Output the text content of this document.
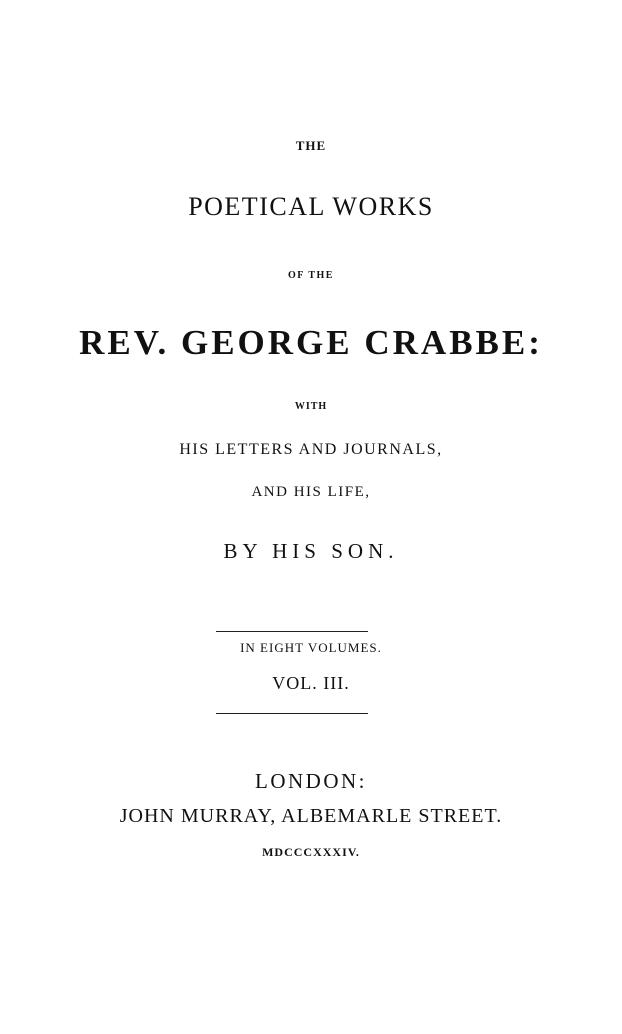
THE
POETICAL WORKS
OF THE
REV. GEORGE CRABBE:
WITH
HIS LETTERS AND JOURNALS,
AND HIS LIFE,
BY HIS SON.
IN EIGHT VOLUMES.
VOL. III.
LONDON:
JOHN MURRAY, ALBEMARLE STREET.
MDCCCXXXIV.
